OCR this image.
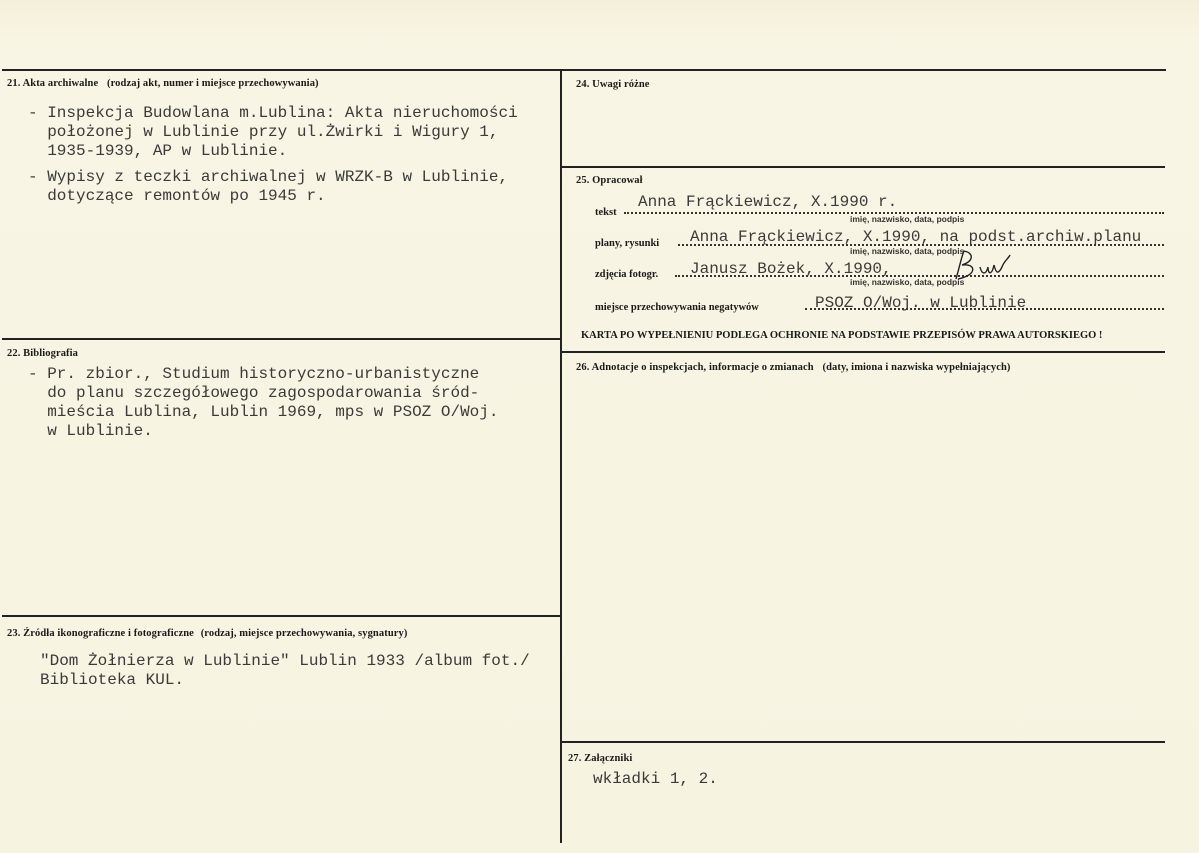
21. Akta archiwalne (rodzaj akt, numer i miejsce przechowywania)
- Inspekcja Budowlana m.Lublina: Akta nieruchomości
położonej w Lublinie przy ul.Żwirki i Wigury 1,
1935-1939, AP w Lublinie.
- Wypisy z teczki archiwalnej w WRZK-B w Lublinie,
dotyczące remontów po 1945 r.
22. Bibliografia
- Pr. zbior., Studium historyczno-urbanistyczne
do planu szczegółowego zagospodarowania śród-
mieścia Lublina, Lublin 1969, mps w PSOZ O/Woj.
w Lublinie.
23. Źródła ikonograficzne i fotograficzne (rodzaj, miejsce przechowywania, sygnatury)
"Dom Żołnierza w Lublinie" Lublin 1933 /album fot./
Biblioteka KUL.
24. Uwagi różne
25. Opracował
tekst
Anna Frąckiewicz, X.1990 r.
imię, nazwisko, data, podpis
plany, rysunki Anna Frąckiewicz, X.1990, na podst.archiw.planu
imię, nazwisko, data, podpis
zdjęcia fotogr. Janusz Bożek, X.1990,
imię, nazwisko, data, podpis
miejsce przechowywania negatywów	PSOZ O/Woj. w Lublinie
KARTA PO WYPEŁNIENIU PODLEGA OCHRONIE NA PODSTAWIE PRZEPISÓW PRAWA AUTORSKIEGO !
26. Adnotacje o inspekcjach, informacje o zmianach (daty, imiona i nazwiska wypełniających)
27. Załączniki
wkładki 1, 2.
